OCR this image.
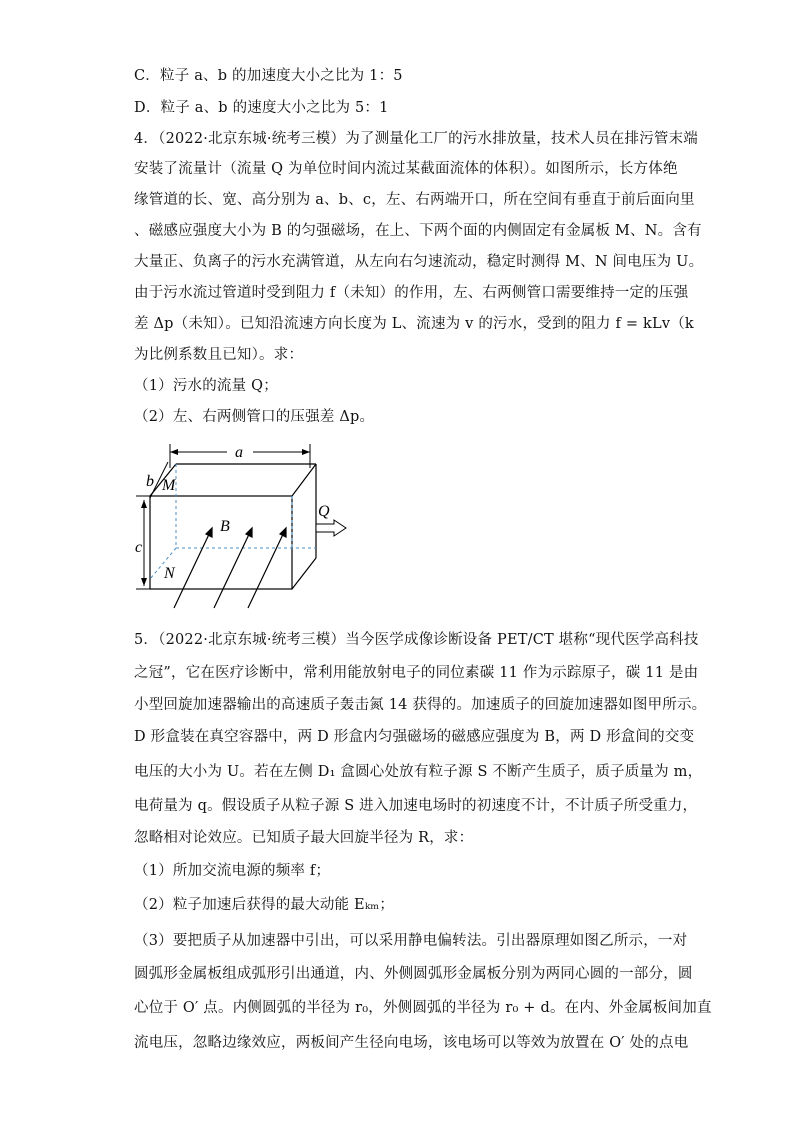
C．粒子 a、b 的加速度大小之比为 1：5
D．粒子 a、b 的速度大小之比为 5：1
4．（2022·北京东城·统考三模）为了测量化工厂的污水排放量，技术人员在排污管末端
安装了流量计（流量 Q 为单位时间内流过某截面流体的体积）。如图所示，长方体绝
缘管道的长、宽、高分别为 a、b、c，左、右两端开口，所在空间有垂直于前后面向里
、磁感应强度大小为 B 的匀强磁场，在上、下两个面的内侧固定有金属板 M、N。含有
大量正、负离子的污水充满管道，从左向右匀速流动，稳定时测得 M、N 间电压为 U。
由于污水流过管道时受到阻力 f（未知）的作用，左、右两侧管口需要维持一定的压强
差 Δp（未知）。已知沿流速方向长度为 L、流速为 v 的污水，受到的阻力 f = kLv（k
为比例系数且已知）。求：
（1）污水的流量 Q；
（2）左、右两侧管口的压强差 Δp。
a
b M
N
c
B
Q
5．（2022·北京东城·统考三模）当今医学成像诊断设备 PET/CT 堪称“现代医学高科技
之冠”，它在医疗诊断中，常利用能放射电子的同位素碳 11 作为示踪原子，碳 11 是由
小型回旋加速器输出的高速质子轰击氮 14 获得的。加速质子的回旋加速器如图甲所示。
D 形盒装在真空容器中，两 D 形盒内匀强磁场的磁感应强度为 B，两 D 形盒间的交变
电压的大小为 U。若在左侧 D₁ 盒圆心处放有粒子源 S 不断产生质子，质子质量为 m，
电荷量为 q。假设质子从粒子源 S 进入加速电场时的初速度不计，不计质子所受重力，
忽略相对论效应。已知质子最大回旋半径为 R，求：
（1）所加交流电源的频率 f；
（2）粒子加速后获得的最大动能 Eₖₘ；
（3）要把质子从加速器中引出，可以采用静电偏转法。引出器原理如图乙所示，一对
圆弧形金属板组成弧形引出通道，内、外侧圆弧形金属板分别为两同心圆的一部分，圆
心位于 O′ 点。内侧圆弧的半径为 r₀，外侧圆弧的半径为 r₀ + d。在内、外金属板间加直
流电压，忽略边缘效应，两板间产生径向电场，该电场可以等效为放置在 O′ 处的点电
